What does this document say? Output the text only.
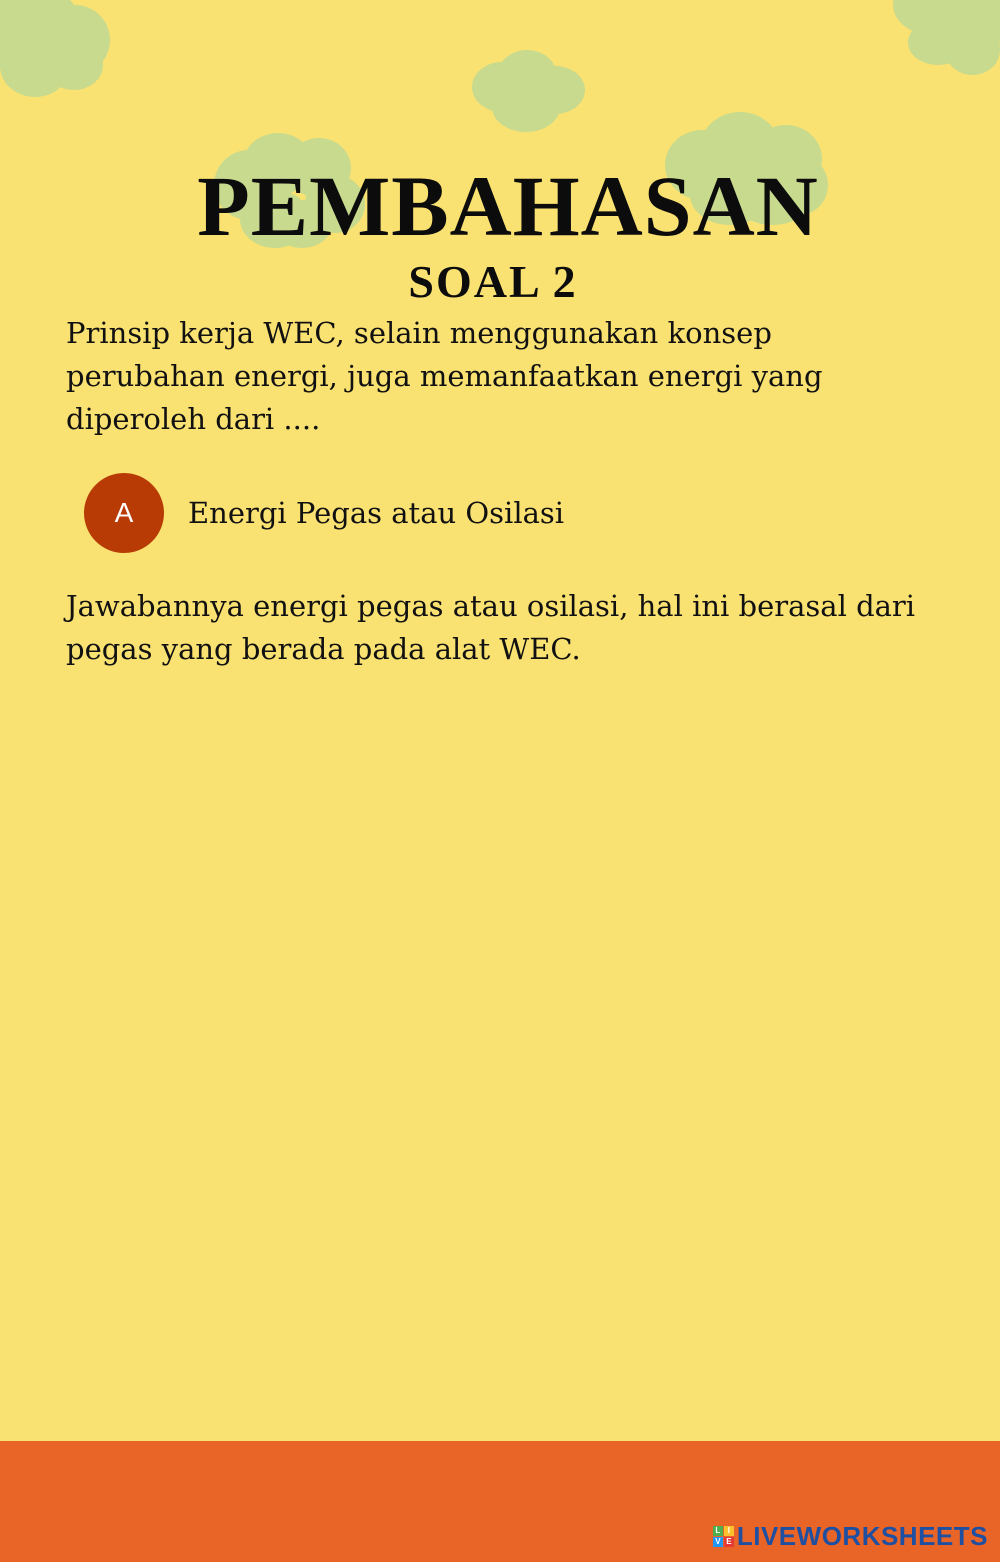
PEMBAHASAN
SOAL 2

Prinsip kerja WEC, selain menggunakan konsep perubahan energi, juga memanfaatkan energi yang diperoleh dari ....

A	Energi Pegas atau Osilasi

Jawabannya energi pegas atau osilasi, hal ini berasal dari pegas yang berada pada alat WEC.

L I
V E LIVEWORKSHEETS
